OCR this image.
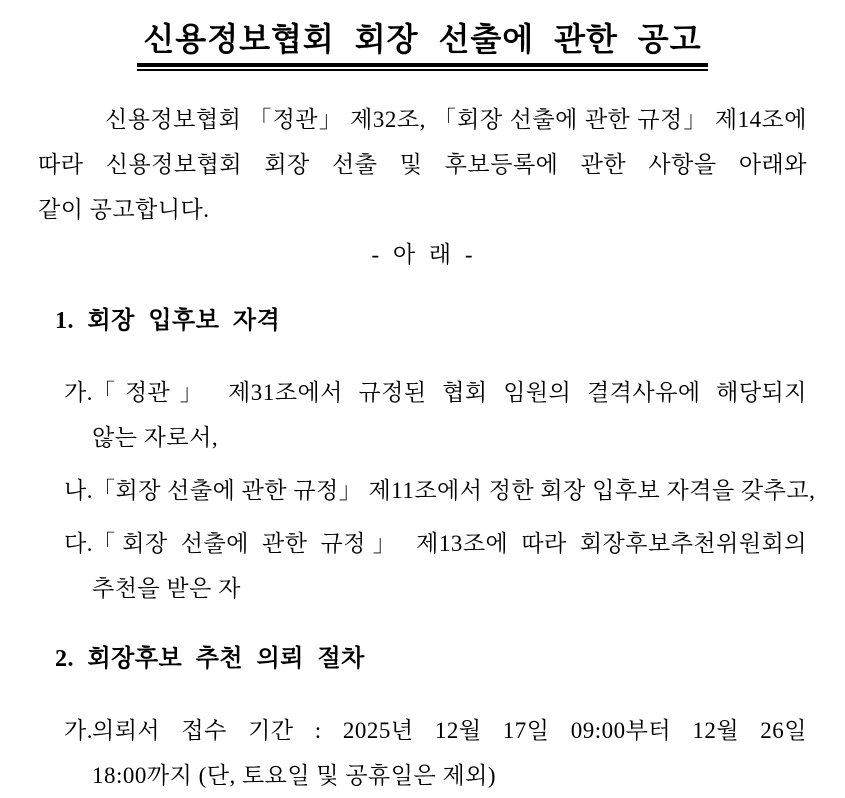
신용정보협회 회장 선출에 관한 공고
신용정보협회 「정관」 제32조, 「회장 선출에 관한 규정」 제14조에
따라 신용정보협회 회장 선출 및 후보등록에 관한 사항을 아래와
같이 공고합니다.
- 아 래 -
1. 회장 입후보 자격
가. 「정관」 제31조에서 규정된 협회 임원의 결격사유에 해당되지
않는 자로서,
나. 「회장 선출에 관한 규정」 제11조에서 정한 회장 입후보 자격을 갖추고,
다. 「회장 선출에 관한 규정」 제13조에 따라 회장후보추천위원회의
추천을 받은 자
2. 회장후보 추천 의뢰 절차
가. 의뢰서 접수 기간 : 2025년 12월 17일 09:00부터 12월 26일
18:00까지 (단, 토요일 및 공휴일은 제외)
